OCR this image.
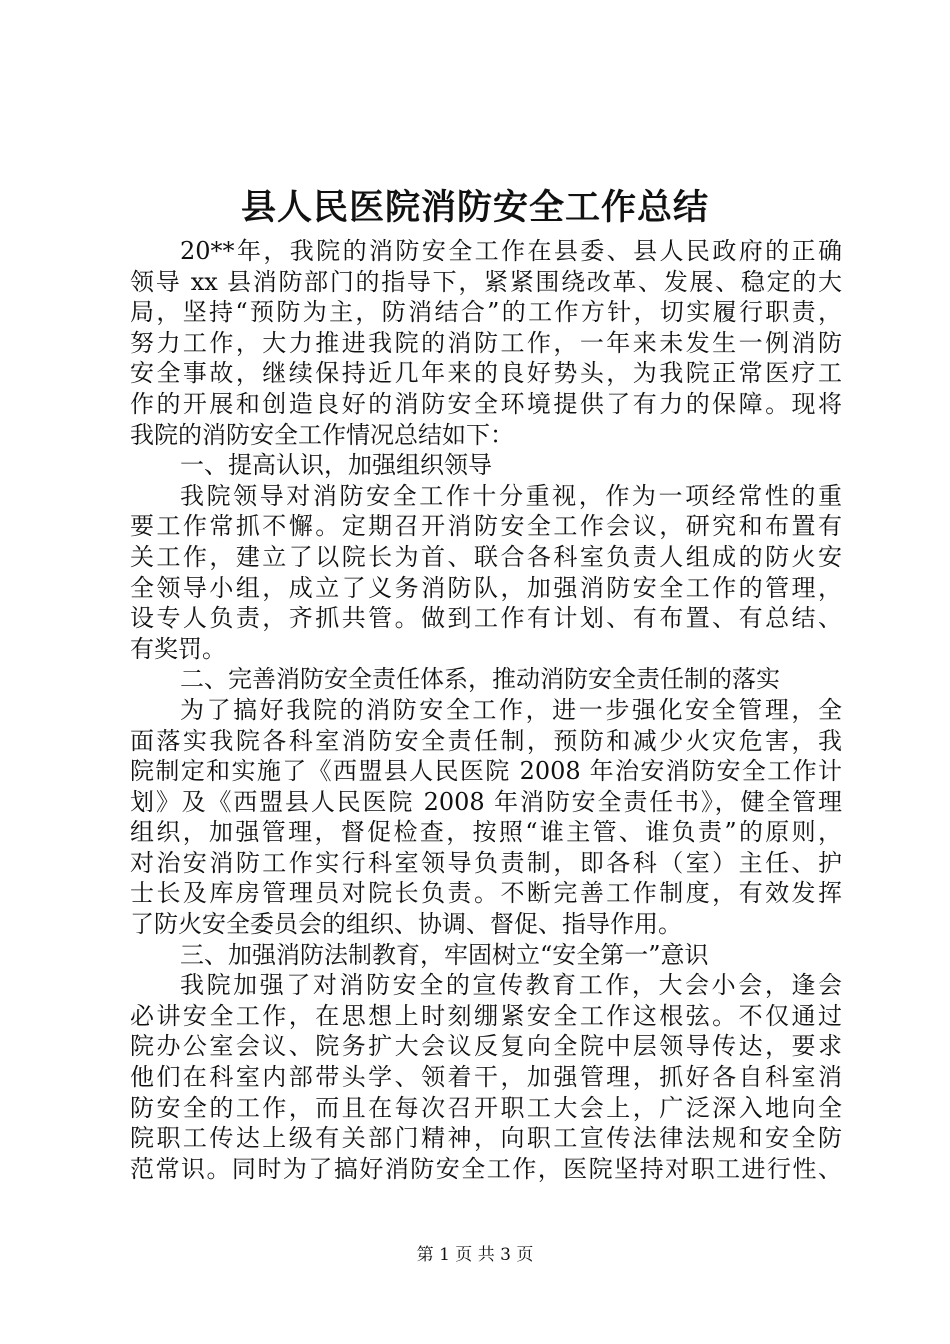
县人民医院消防安全工作总结
20**年，我院的消防安全工作在县委、县人民政府的正确
领导 xx 县消防部门的指导下，紧紧围绕改革、发展、稳定的大
局，坚持“预防为主，防消结合”的工作方针，切实履行职责，
努力工作，大力推进我院的消防工作，一年来未发生一例消防
安全事故，继续保持近几年来的良好势头，为我院正常医疗工
作的开展和创造良好的消防安全环境提供了有力的保障。现将
我院的消防安全工作情况总结如下：
一、提高认识，加强组织领导
我院领导对消防安全工作十分重视，作为一项经常性的重
要工作常抓不懈。定期召开消防安全工作会议，研究和布置有
关工作，建立了以院长为首、联合各科室负责人组成的防火安
全领导小组，成立了义务消防队，加强消防安全工作的管理，
设专人负责，齐抓共管。做到工作有计划、有布置、有总结、
有奖罚。
二、完善消防安全责任体系，推动消防安全责任制的落实
为了搞好我院的消防安全工作，进一步强化安全管理，全
面落实我院各科室消防安全责任制，预防和减少火灾危害，我
院制定和实施了《西盟县人民医院 2008 年治安消防安全工作计
划》及《西盟县人民医院 2008 年消防安全责任书》，健全管理
组织，加强管理，督促检查，按照“谁主管、谁负责”的原则，
对治安消防工作实行科室领导负责制，即各科（室）主任、护
士长及库房管理员对院长负责。不断完善工作制度，有效发挥
了防火安全委员会的组织、协调、督促、指导作用。
三、加强消防法制教育，牢固树立“安全第一”意识
我院加强了对消防安全的宣传教育工作，大会小会，逢会
必讲安全工作，在思想上时刻绷紧安全工作这根弦。不仅通过
院办公室会议、院务扩大会议反复向全院中层领导传达，要求
他们在科室内部带头学、领着干，加强管理，抓好各自科室消
防安全的工作，而且在每次召开职工大会上，广泛深入地向全
院职工传达上级有关部门精神，向职工宣传法律法规和安全防
范常识。同时为了搞好消防安全工作，医院坚持对职工进行性、
第 1 页 共 3 页
